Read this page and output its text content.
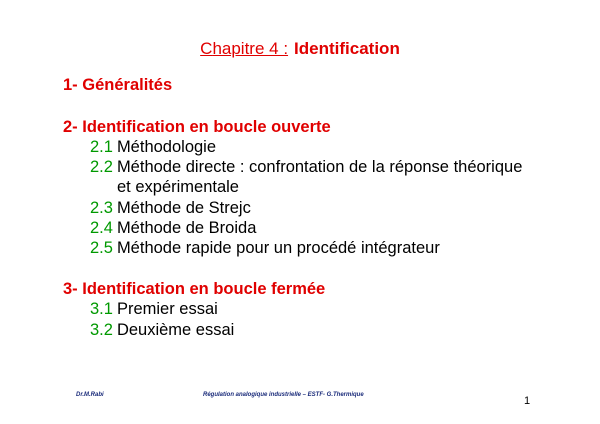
Chapitre 4 : Identification
1- Généralités
2- Identification en boucle ouverte
2.1 Méthodologie
2.2 Méthode directe : confrontation de la réponse théorique
et expérimentale
2.3 Méthode de Strejc
2.4 Méthode de Broida
2.5 Méthode rapide pour un procédé intégrateur
3- Identification en boucle fermée
3.1 Premier essai
3.2 Deuxième essai
Dr.M.Rabi	Régulation analogique industrielle – ESTF- G.Thermique	1
